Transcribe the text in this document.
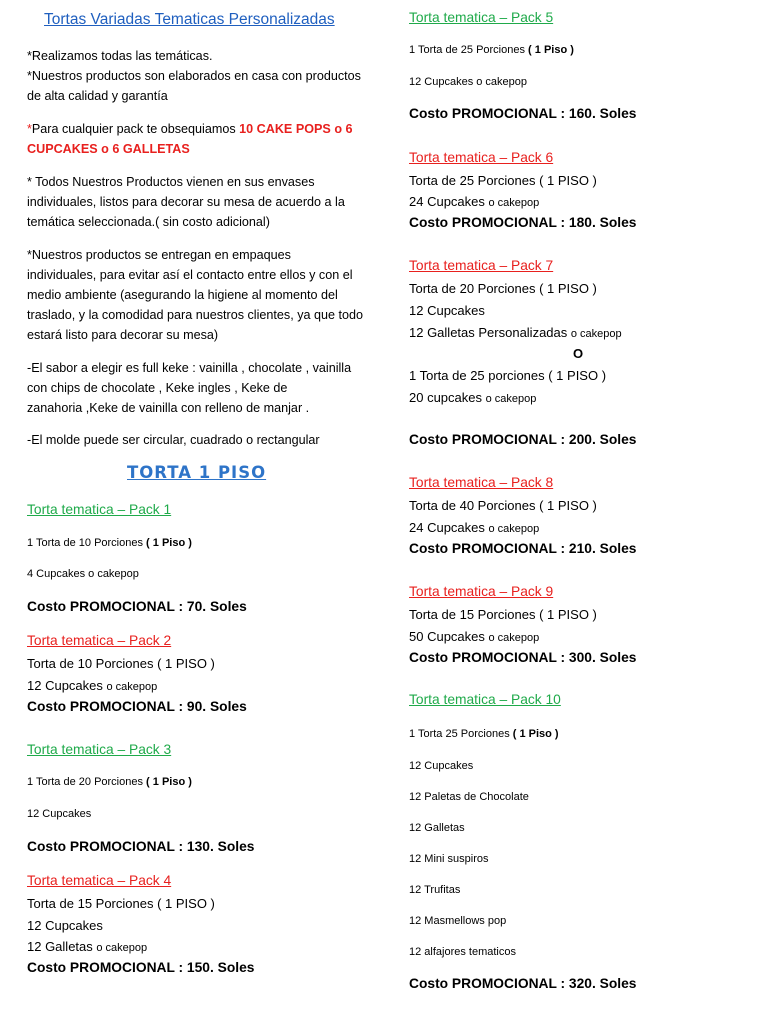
Tortas Variadas Tematicas Personalizadas

*Realizamos todas las temáticas.

*Nuestros productos son elaborados en casa con productos

de alta calidad y garantía

*Para cualquier pack te obsequiamos 10 CAKE POPS o 6

CUPCAKES o 6 GALLETAS

* Todos Nuestros Productos vienen en sus envases

individuales, listos para decorar su mesa de acuerdo a la

temática seleccionada.( sin costo adicional)

*Nuestros productos se entregan en empaques

individuales, para evitar así el contacto entre ellos y con el

medio ambiente (asegurando la higiene al momento del

traslado, y la comodidad para nuestros clientes, ya que todo

estará listo para decorar su mesa)

-El sabor a elegir es full keke : vainilla , chocolate , vainilla

con chips de chocolate , Keke ingles , Keke de

zanahoria ,Keke de vainilla con relleno de manjar .

-El molde puede ser circular, cuadrado o rectangular
TORTA 1 PISO
Torta tematica – Pack 1
1 Torta de 10 Porciones ( 1 Piso )
4 Cupcakes o cakepop
Costo PROMOCIONAL : 70. Soles
Torta tematica – Pack 2
Torta de 10 Porciones ( 1 PISO )
12 Cupcakes o cakepop
Costo PROMOCIONAL : 90. Soles
Torta tematica – Pack 3
1 Torta de 20 Porciones ( 1 Piso )
12 Cupcakes
Costo PROMOCIONAL : 130. Soles
Torta tematica – Pack 4
Torta de 15 Porciones ( 1 PISO )
12 Cupcakes
12 Galletas o cakepop
Costo PROMOCIONAL : 150. Soles
Torta tematica – Pack 5
1 Torta de 25 Porciones ( 1 Piso )
12 Cupcakes o cakepop
Costo PROMOCIONAL : 160. Soles
Torta tematica – Pack 6
Torta de 25 Porciones ( 1 PISO )
24 Cupcakes o cakepop
Costo PROMOCIONAL : 180. Soles
Torta tematica – Pack 7
Torta de 20 Porciones ( 1 PISO )
12 Cupcakes
12 Galletas Personalizadas o cakepop
O
1 Torta de 25 porciones ( 1 PISO )
20 cupcakes o cakepop
Costo PROMOCIONAL : 200. Soles
Torta tematica – Pack 8
Torta de 40 Porciones ( 1 PISO )
24 Cupcakes o cakepop
Costo PROMOCIONAL : 210. Soles
Torta tematica – Pack 9
Torta de 15 Porciones ( 1 PISO )
50 Cupcakes o cakepop
Costo PROMOCIONAL : 300. Soles
Torta tematica – Pack 10
1 Torta 25 Porciones ( 1 Piso )
12 Cupcakes
12 Paletas de Chocolate
12 Galletas
12 Mini suspiros
12 Trufitas
12 Masmellows pop
12 alfajores tematicos
Costo PROMOCIONAL : 320. Soles
